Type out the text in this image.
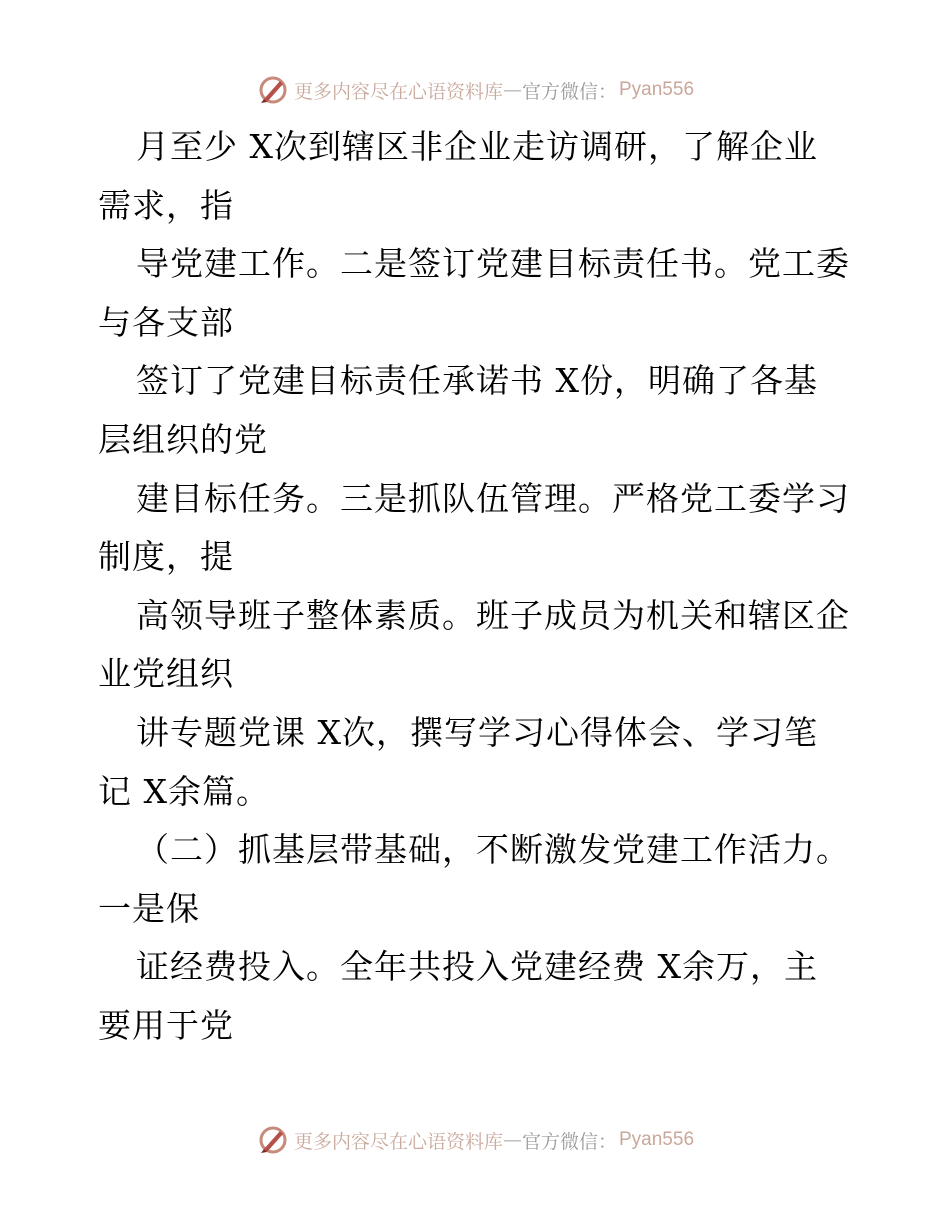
更多内容尽在心语资料库 — 官方微信： Pyan556
月至少 X次到辖区非企业走访调研，了解企业
需求，指
导党建工作。二是签订党建目标责任书。党工委
与各支部
签订了党建目标责任承诺书 X份，明确了各基
层组织的党
建目标任务。三是抓队伍管理。严格党工委学习
制度，提
高领导班子整体素质。班子成员为机关和辖区企
业党组织
讲专题党课 X次，撰写学习心得体会、学习笔
记 X余篇。
（二）抓基层带基础，不断激发党建工作活力。
一是保
证经费投入。全年共投入党建经费 X余万，主
要用于党
更多内容尽在心语资料库 — 官方微信： Pyan556
